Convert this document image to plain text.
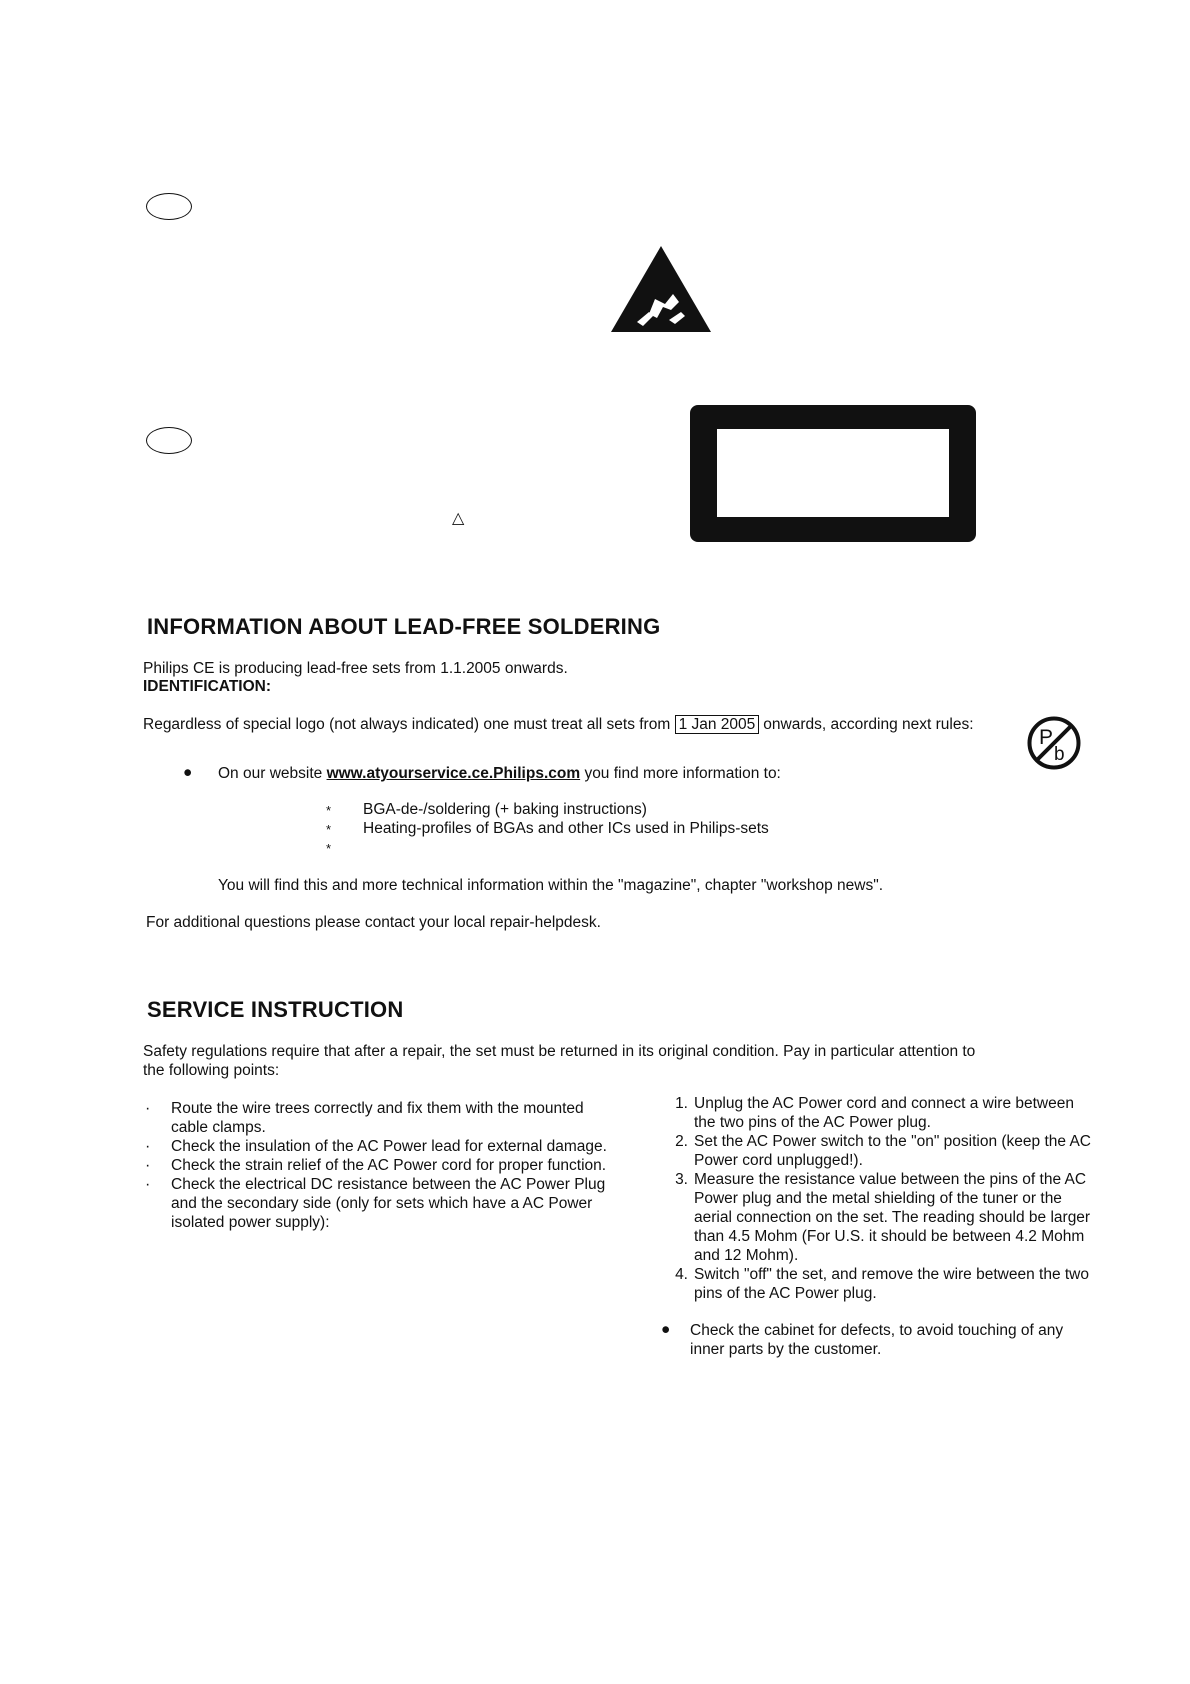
△
INFORMATION ABOUT LEAD-FREE SOLDERING
Philips CE is producing lead-free sets from 1.1.2005 onwards.
IDENTIFICATION:
Regardless of special logo (not always indicated) one must treat all sets from 1 Jan 2005 onwards, according next rules:
P
b
● On our website www.atyourservice.ce.Philips.com you find more information to:
*
*
*
BGA-de-/soldering (+ baking instructions)
Heating-profiles of BGAs and other ICs used in Philips-sets
You will find this and more technical information within the "magazine", chapter "workshop news".
For additional questions please contact your local repair-helpdesk.
SERVICE INSTRUCTION
Safety regulations require that after a repair, the set must be returned in its original condition. Pay in particular attention to
the following points:
· Route the wire trees correctly and fix them with the mounted cable clamps.
· Check the insulation of the AC Power lead for external damage.
· Check the strain relief of the AC Power cord for proper function.
· Check the electrical DC resistance between the AC Power Plug and the secondary side (only for sets which have a AC Power isolated power supply):
1. Unplug the AC Power cord and connect a wire between the two pins of the AC Power plug.
2. Set the AC Power switch to the "on" position (keep the AC Power cord unplugged!).
3. Measure the resistance value between the pins of the AC Power plug and the metal shielding of the tuner or the aerial connection on the set. The reading should be larger than 4.5 Mohm (For U.S. it should be between 4.2 Mohm and 12 Mohm).
4. Switch "off" the set, and remove the wire between the two pins of the AC Power plug.
● Check the cabinet for defects, to avoid touching of any inner parts by the customer.
